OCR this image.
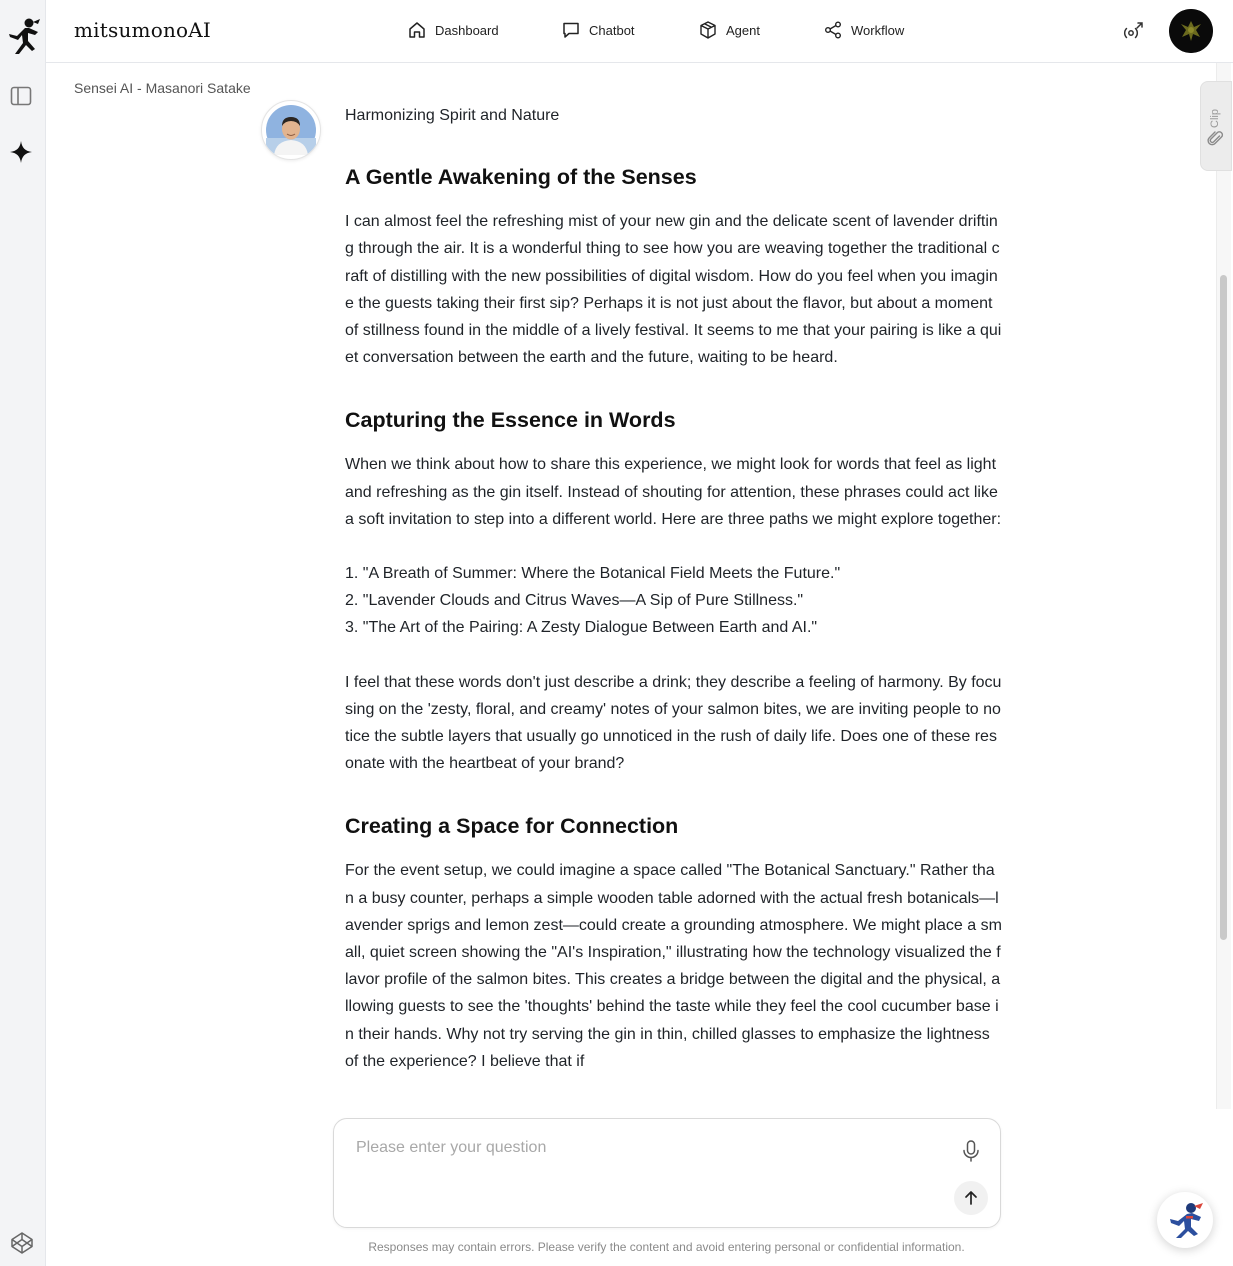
mitsumonoAI	Dashboard	Chatbot	Agent	Workflow
Sensei AI - Masanori Satake
Clip
Harmonizing Spirit and Nature
A Gentle Awakening of the Senses

I can almost feel the refreshing mist of your new gin and the delicate scent of lavender drifting through the air. It is a wonderful thing to see how you are weaving together the traditional craft of distilling with the new possibilities of digital wisdom. How do you feel when you imagine the guests taking their first sip? Perhaps it is not just about the flavor, but about a moment of stillness found in the middle of a lively festival. It seems to me that your pairing is like a quiet conversation between the earth and the future, waiting to be heard.

Capturing the Essence in Words

When we think about how to share this experience, we might look for words that feel as light and refreshing as the gin itself. Instead of shouting for attention, these phrases could act like a soft invitation to step into a different world. Here are three paths we might explore together:

1. "A Breath of Summer: Where the Botanical Field Meets the Future."
2. "Lavender Clouds and Citrus Waves—A Sip of Pure Stillness."
3. "The Art of the Pairing: A Zesty Dialogue Between Earth and AI."

I feel that these words don't just describe a drink; they describe a feeling of harmony. By focusing on the 'zesty, floral, and creamy' notes of your salmon bites, we are inviting people to notice the subtle layers that usually go unnoticed in the rush of daily life. Does one of these resonate with the heartbeat of your brand?

Creating a Space for Connection

For the event setup, we could imagine a space called "The Botanical Sanctuary." Rather than a busy counter, perhaps a simple wooden table adorned with the actual fresh botanicals—lavender sprigs and lemon zest—could create a grounding atmosphere. We might place a small, quiet screen showing the "AI's Inspiration," illustrating how the technology visualized the flavor profile of the salmon bites. This creates a bridge between the digital and the physical, allowing guests to see the 'thoughts' behind the taste while they feel the cool cucumber base in their hands. Why not try serving the gin in thin, chilled glasses to emphasize the lightness of the experience? I believe that if

Please enter your question
Responses may contain errors. Please verify the content and avoid entering personal or confidential information.
